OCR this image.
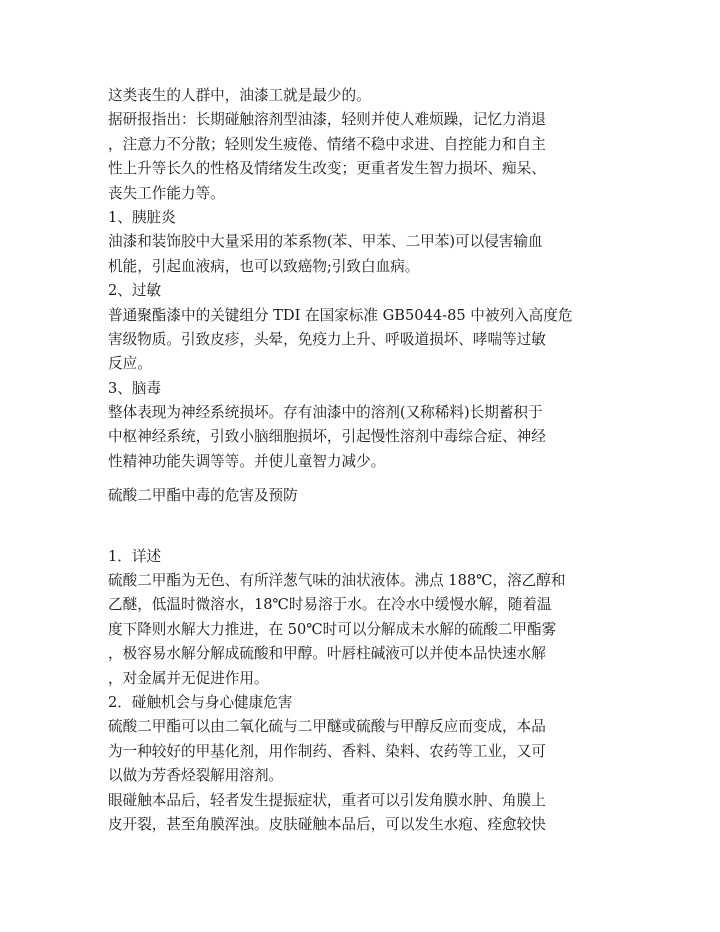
这类丧生的人群中，油漆工就是最少的。
据研报指出：长期碰触溶剂型油漆，轻则并使人难烦躁，记忆力消退
，注意力不分散；轻则发生疲倦、情绪不稳中求进、自控能力和自主
性上升等长久的性格及情绪发生改变；更重者发生智力损坏、痴呆、
丧失工作能力等。
1、胰脏炎
油漆和装饰胶中大量采用的苯系物(苯、甲苯、二甲苯)可以侵害输血
机能，引起血液病，也可以致癌物;引致白血病。
2、过敏
普通聚酯漆中的关键组分 TDI 在国家标准 GB5044-85 中被列入高度危
害级物质。引致皮疹，头晕，免疫力上升、呼吸道损坏、哮喘等过敏
反应。
3、脑毒
整体表现为神经系统损坏。存有油漆中的溶剂(又称稀料)长期蓄积于
中枢神经系统，引致小脑细胞损坏，引起慢性溶剂中毒综合症、神经
性精神功能失调等等。并使儿童智力减少。
硫酸二甲酯中毒的危害及预防
1．详述
硫酸二甲酯为无色、有所洋葱气味的油状液体。沸点 188℃，溶乙醇和
乙醚，低温时微溶水，18℃时易溶于水。在冷水中缓慢水解，随着温
度下降则水解大力推进，在 50℃时可以分解成未水解的硫酸二甲酯雾
，极容易水解分解成硫酸和甲醇。叶唇柱碱液可以并使本品快速水解
，对金属并无促进作用。
2．碰触机会与身心健康危害
硫酸二甲酯可以由二氧化硫与二甲醚或硫酸与甲醇反应而变成，本品
为一种较好的甲基化剂，用作制药、香料、染料、农药等工业，又可
以做为芳香烃裂解用溶剂。
眼碰触本品后，轻者发生提振症状，重者可以引发角膜水肿、角膜上
皮开裂，甚至角膜浑浊。皮肤碰触本品后，可以发生水疱、痊愈较快
